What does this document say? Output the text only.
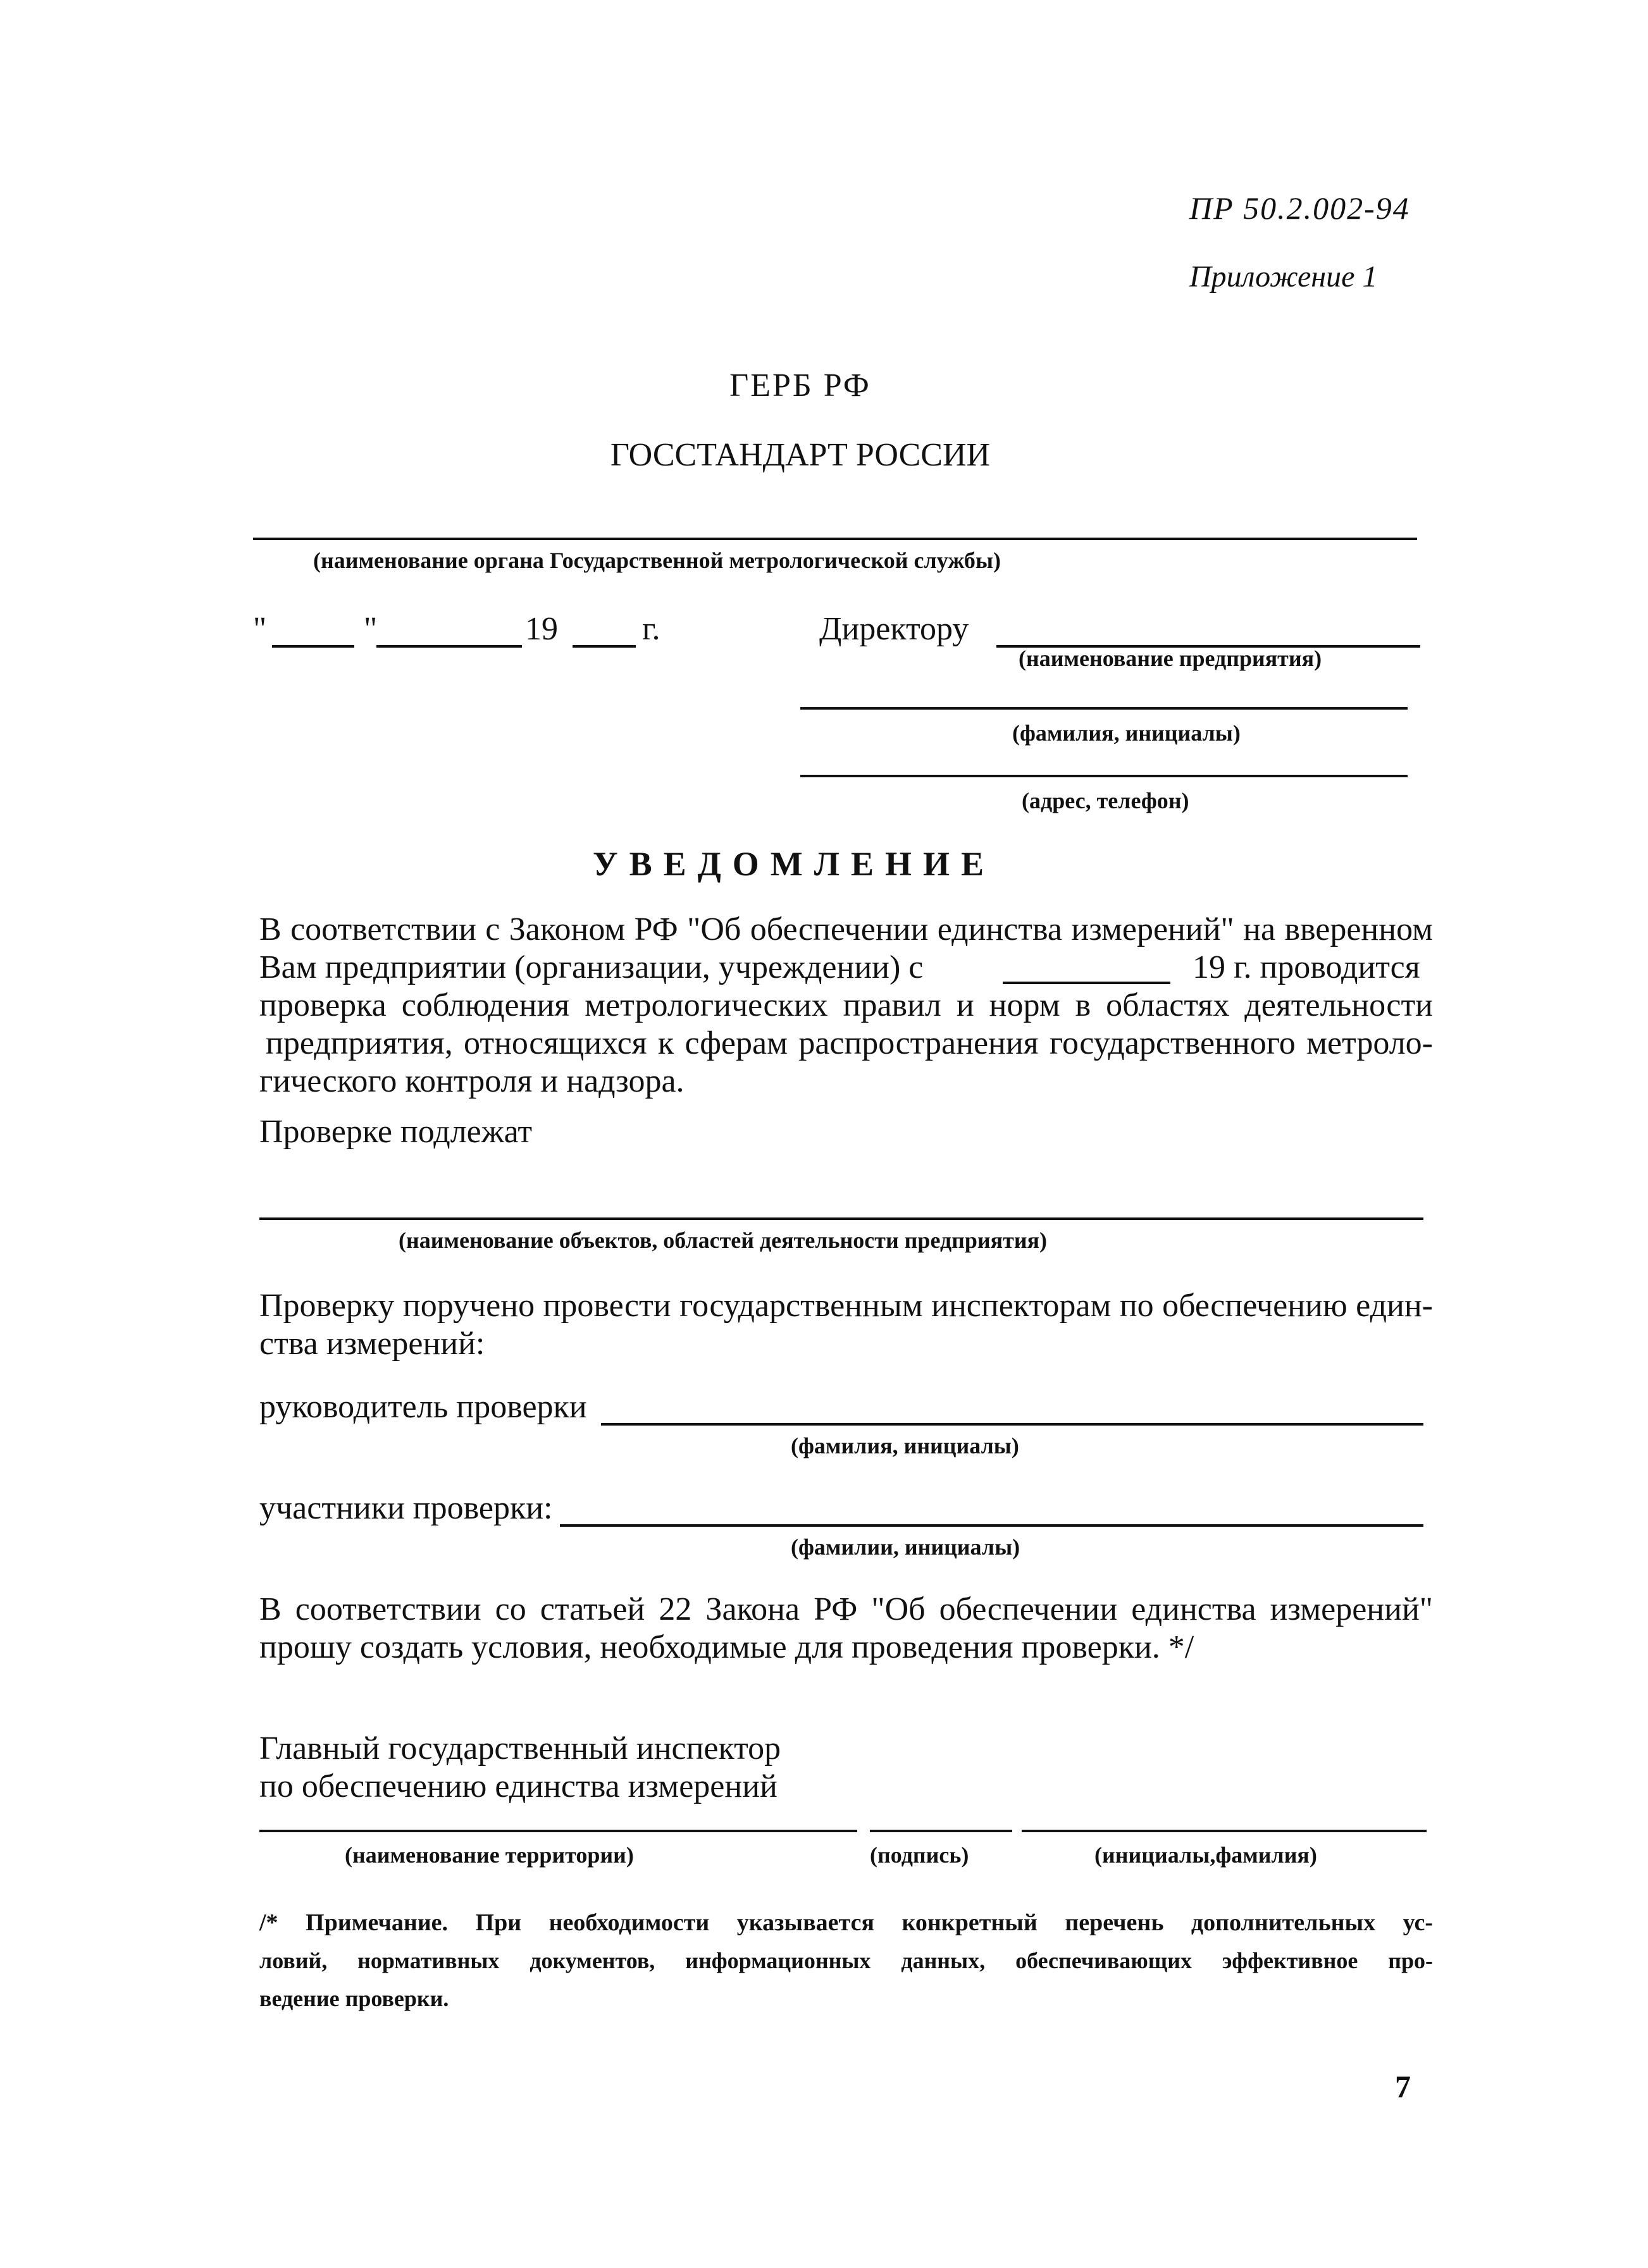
ПР 50.2.002-94
Приложение 1
ГЕРБ РФ
ГОССТАНДАРТ РОССИИ
(наименование органа Государственной метрологической службы)
"	"	19	г.	Директору
(наименование предприятия)
(фамилия, инициалы)
(адрес, телефон)
УВЕДОМЛЕНИЕ
В соответствии с Законом РФ "Об обеспечении единства измерений" на вверенном
Вам предприятии (организации, учреждении) с	19 г. проводится
проверка соблюдения метрологических правил и норм в областях деятельности
предприятия, относящихся к сферам распространения государственного метроло-
гического контроля и надзора.
Проверке подлежат
(наименование объектов, областей деятельности предприятия)
Проверку поручено провести государственным инспекторам по обеспечению един-
ства измерений:
руководитель проверки
(фамилия, инициалы)
участники проверки:
(фамилии, инициалы)
В соответствии со статьей 22 Закона РФ "Об обеспечении единства измерений"
прошу создать условия, необходимые для проведения проверки. */
Главный государственный инспектор
по обеспечению единства измерений
(наименование территории)	(подпись)	(инициалы,фамилия)
/* Примечание. При необходимости указывается конкретный перечень дополнительных ус-
ловий, нормативных документов, информационных данных, обеспечивающих эффективное про-
ведение проверки.
7
